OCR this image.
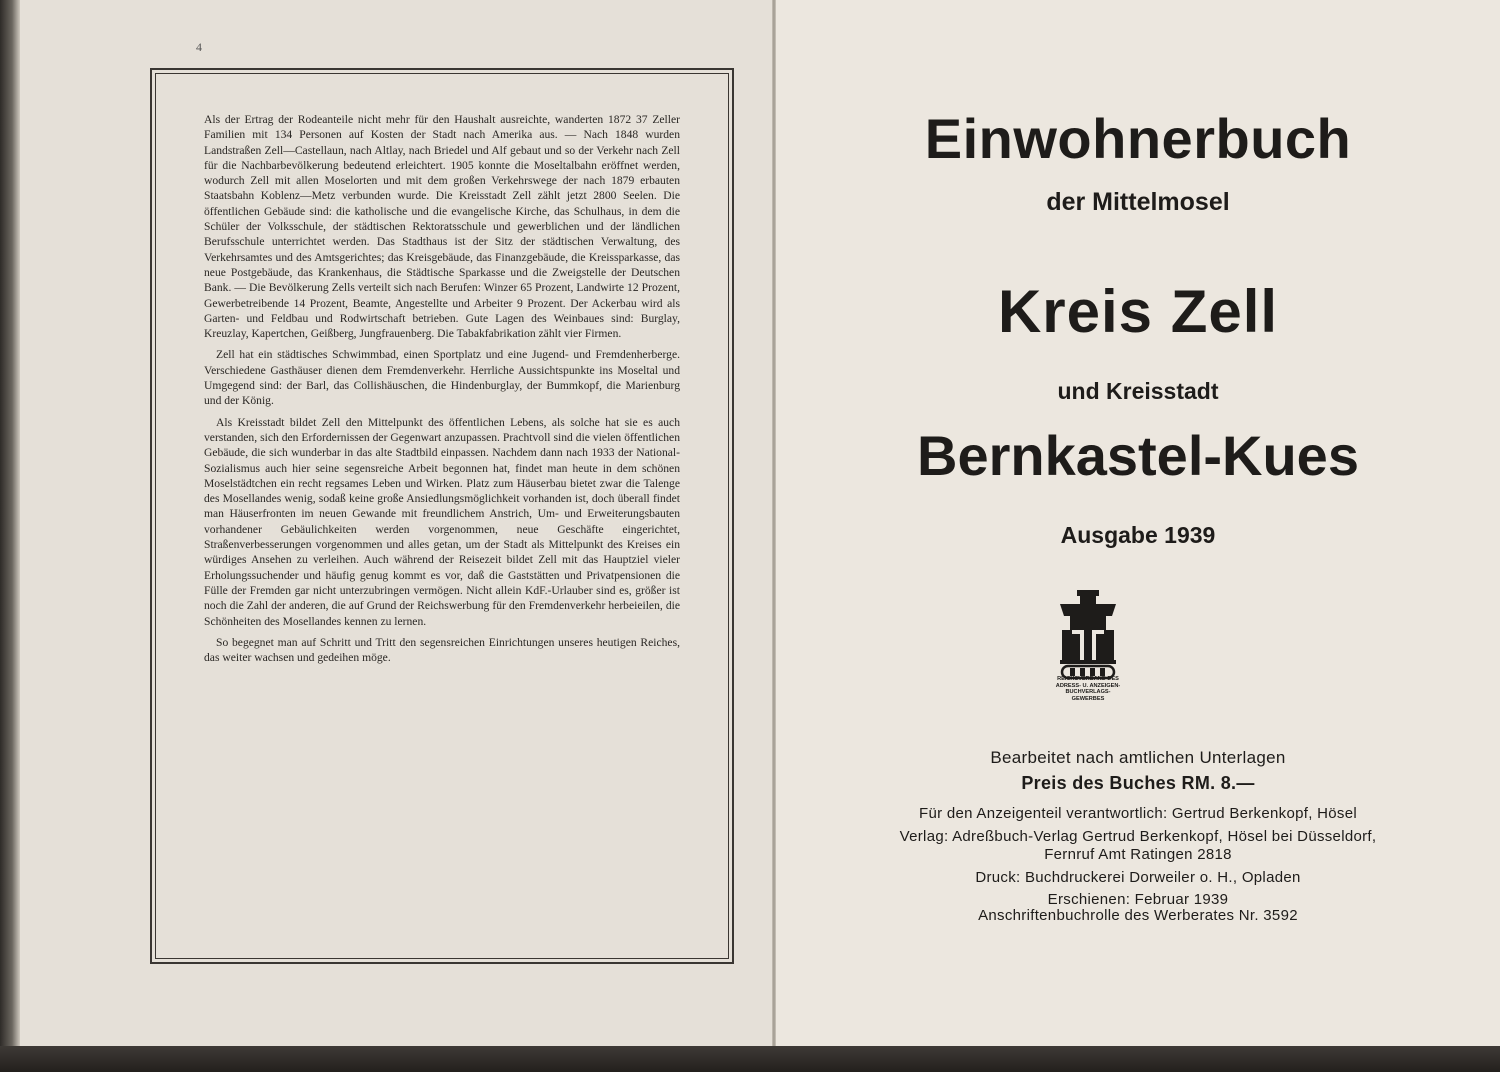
4

Als der Ertrag der Rodeanteile nicht mehr für den Haushalt ausreichte, wanderten 1872 37 Zeller Familien mit 134 Personen auf Kosten der Stadt nach Amerika aus. — Nach 1848 wurden Landstraßen Zell—Castellaun, nach Altlay, nach Briedel und Alf gebaut und so der Verkehr nach Zell für die Nachbarbevölkerung bedeutend erleichtert. 1905 konnte die Moseltalbahn eröffnet werden, wodurch Zell mit allen Moselorten und mit dem großen Verkehrswege der nach 1879 erbauten Staatsbahn Koblenz—Metz verbunden wurde. Die Kreisstadt Zell zählt jetzt 2800 Seelen. Die öffentlichen Gebäude sind: die katholische und die evangelische Kirche, das Schulhaus, in dem die Schüler der Volksschule, der städtischen Rektoratsschule und gewerblichen und der ländlichen Berufsschule unterrichtet werden. Das Stadthaus ist der Sitz der städtischen Verwaltung, des Verkehrsamtes und des Amtsgerichtes; das Kreisgebäude, das Finanzgebäude, die Kreissparkasse, das neue Postgebäude, das Krankenhaus, die Städtische Sparkasse und die Zweigstelle der Deutschen Bank. — Die Bevölkerung Zells verteilt sich nach Berufen: Winzer 65 Prozent, Landwirte 12 Prozent, Gewerbetreibende 14 Prozent, Beamte, Angestellte und Arbeiter 9 Prozent. Der Ackerbau wird als Garten- und Feldbau und Rodwirtschaft betrieben. Gute Lagen des Weinbaues sind: Burglay, Kreuzlay, Kapertchen, Geißberg, Jungfrauenberg. Die Tabakfabrikation zählt vier Firmen.

Zell hat ein städtisches Schwimmbad, einen Sportplatz und eine Jugend- und Fremdenherberge. Verschiedene Gasthäuser dienen dem Fremdenverkehr. Herrliche Aussichtspunkte ins Moseltal und Umgegend sind: der Barl, das Collishäuschen, die Hindenburglay, der Bummkopf, die Marienburg und der König.

Als Kreisstadt bildet Zell den Mittelpunkt des öffentlichen Lebens, als solche hat sie es auch verstanden, sich den Erfordernissen der Gegenwart anzupassen. Prachtvoll sind die vielen öffentlichen Gebäude, die sich wunderbar in das alte Stadtbild einpassen. Nachdem dann nach 1933 der National-Sozialismus auch hier seine segensreiche Arbeit begonnen hat, findet man heute in dem schönen Moselstädtchen ein recht regsames Leben und Wirken. Platz zum Häuserbau bietet zwar die Talenge des Mosellandes wenig, sodaß keine große Ansiedlungsmöglichkeit vorhanden ist, doch überall findet man Häuserfronten im neuen Gewande mit freundlichem Anstrich, Um- und Erweiterungsbauten vorhandener Gebäulichkeiten werden vorgenommen, neue Geschäfte eingerichtet, Straßenverbesserungen vorgenommen und alles getan, um der Stadt als Mittelpunkt des Kreises ein würdiges Ansehen zu verleihen. Auch während der Reisezeit bildet Zell mit das Hauptziel vieler Erholungssuchender und häufig genug kommt es vor, daß die Gaststätten und Privatpensionen die Fülle der Fremden gar nicht unterzubringen vermögen. Nicht allein KdF.-Urlauber sind es, größer ist noch die Zahl der anderen, die auf Grund der Reichswerbung für den Fremdenverkehr herbeieilen, die Schönheiten des Mosellandes kennen zu lernen.

So begegnet man auf Schritt und Tritt den segensreichen Einrichtungen unseres heutigen Reiches, das weiter wachsen und gedeihen möge.

Einwohnerbuch
der Mittelmosel
Kreis Zell
und Kreisstadt
Bernkastel-Kues
Ausgabe 1939
REICHSVERBAND DES
ADRESS- U. ANZEIGEN-
BUCHVERLAGS-
GEWERBES
Bearbeitet nach amtlichen Unterlagen
Preis des Buches RM. 8.—
Für den Anzeigenteil verantwortlich: Gertrud Berkenkopf, Hösel
Verlag: Adreßbuch-Verlag Gertrud Berkenkopf, Hösel bei Düsseldorf,
Fernruf Amt Ratingen 2818
Druck: Buchdruckerei Dorweiler o. H., Opladen
Erschienen: Februar 1939
Anschriftenbuchrolle des Werberates Nr. 3592
